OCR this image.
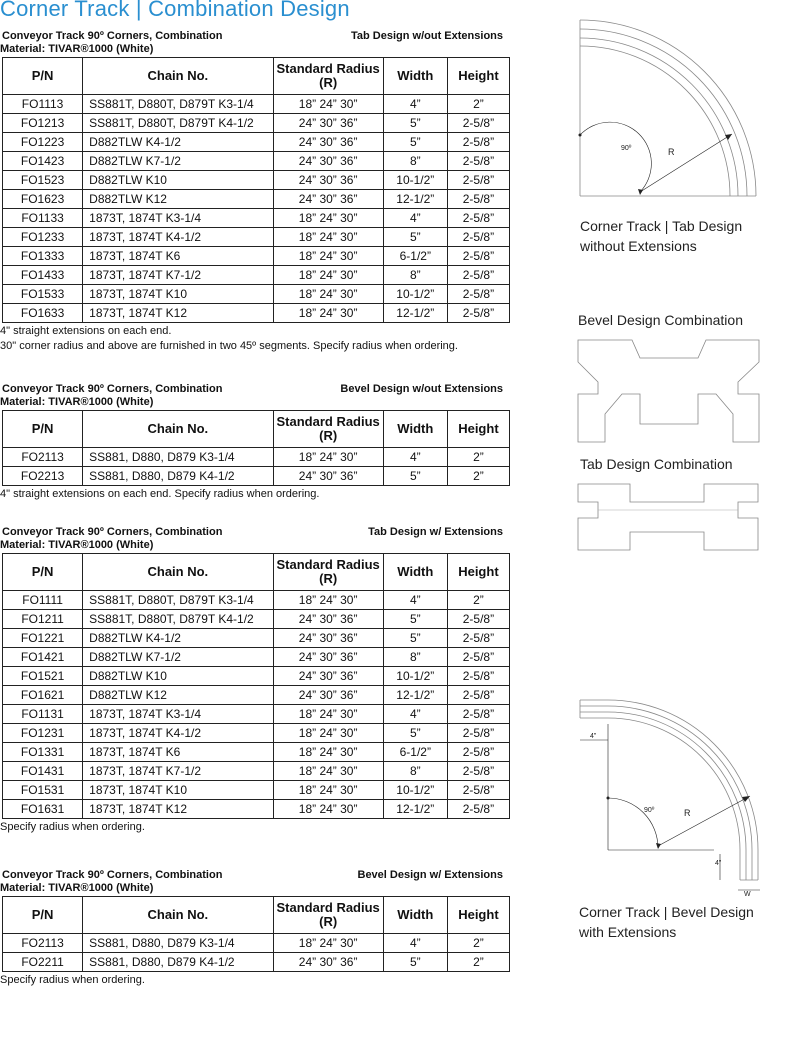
Corner Track | Combination Design
Conveyor Track 90º Corners, Combination	Tab Design w/out Extensions
Material: TIVAR®1000 (White)
P/N	Chain No.	Standard Radius (R)	Width	Height
FO1113	SS881T, D880T, D879T K3-1/4	18” 24” 30”	4”	2”
FO1213	SS881T, D880T, D879T K4-1/2	24” 30” 36”	5”	2-5/8”
FO1223	D882TLW K4-1/2	24” 30” 36”	5”	2-5/8”
FO1423	D882TLW K7-1/2	24” 30” 36”	8”	2-5/8”
FO1523	D882TLW K10	24” 30” 36”	10-1/2”	2-5/8”
FO1623	D882TLW K12	24” 30” 36”	12-1/2”	2-5/8”
FO1133	1873T, 1874T K3-1/4	18” 24” 30”	4”	2-5/8”
FO1233	1873T, 1874T K4-1/2	18” 24” 30”	5”	2-5/8”
FO1333	1873T, 1874T K6	18” 24” 30”	6-1/2”	2-5/8”
FO1433	1873T, 1874T K7-1/2	18” 24” 30”	8”	2-5/8”
FO1533	1873T, 1874T K10	18” 24” 30”	10-1/2”	2-5/8”
FO1633	1873T, 1874T K12	18” 24” 30”	12-1/2”	2-5/8”
4" straight extensions on each end.
30" corner radius and above are furnished in two 45º segments. Specify radius when ordering.
Conveyor Track 90º Corners, Combination	Bevel Design w/out Extensions
Material: TIVAR®1000 (White)
P/N	Chain No.	Standard Radius (R)	Width	Height
FO2113	SS881, D880, D879 K3-1/4	18” 24” 30”	4”	2”
FO2213	SS881, D880, D879 K4-1/2	24” 30” 36”	5”	2”
4" straight extensions on each end. Specify radius when ordering.
Conveyor Track 90º Corners, Combination	Tab Design w/ Extensions
Material: TIVAR®1000 (White)
P/N	Chain No.	Standard Radius (R)	Width	Height
FO1111	SS881T, D880T, D879T K3-1/4	18” 24” 30”	4”	2”
FO1211	SS881T, D880T, D879T K4-1/2	24” 30” 36”	5”	2-5/8”
FO1221	D882TLW K4-1/2	24” 30” 36”	5”	2-5/8”
FO1421	D882TLW K7-1/2	24” 30” 36”	8”	2-5/8”
FO1521	D882TLW K10	24” 30” 36”	10-1/2”	2-5/8”
FO1621	D882TLW K12	24” 30” 36”	12-1/2”	2-5/8”
FO1131	1873T, 1874T K3-1/4	18” 24” 30”	4”	2-5/8”
FO1231	1873T, 1874T K4-1/2	18” 24” 30”	5”	2-5/8”
FO1331	1873T, 1874T K6	18” 24” 30”	6-1/2”	2-5/8”
FO1431	1873T, 1874T K7-1/2	18” 24” 30”	8”	2-5/8”
FO1531	1873T, 1874T K10	18” 24” 30”	10-1/2”	2-5/8”
FO1631	1873T, 1874T K12	18” 24” 30”	12-1/2”	2-5/8”
Specify radius when ordering.
Conveyor Track 90º Corners, Combination	Bevel Design w/ Extensions
Material: TIVAR®1000 (White)
P/N	Chain No.	Standard Radius (R)	Width	Height
FO2113	SS881, D880, D879 K3-1/4	18” 24” 30”	4”	2”
FO2211	SS881, D880, D879 K4-1/2	24” 30” 36”	5”	2”
Specify radius when ordering.
90º	R
Corner Track | Tab Design
without Extensions
Bevel Design Combination
Tab Design Combination
4”
90º	R
4”
W
Corner Track | Bevel Design
with Extensions
